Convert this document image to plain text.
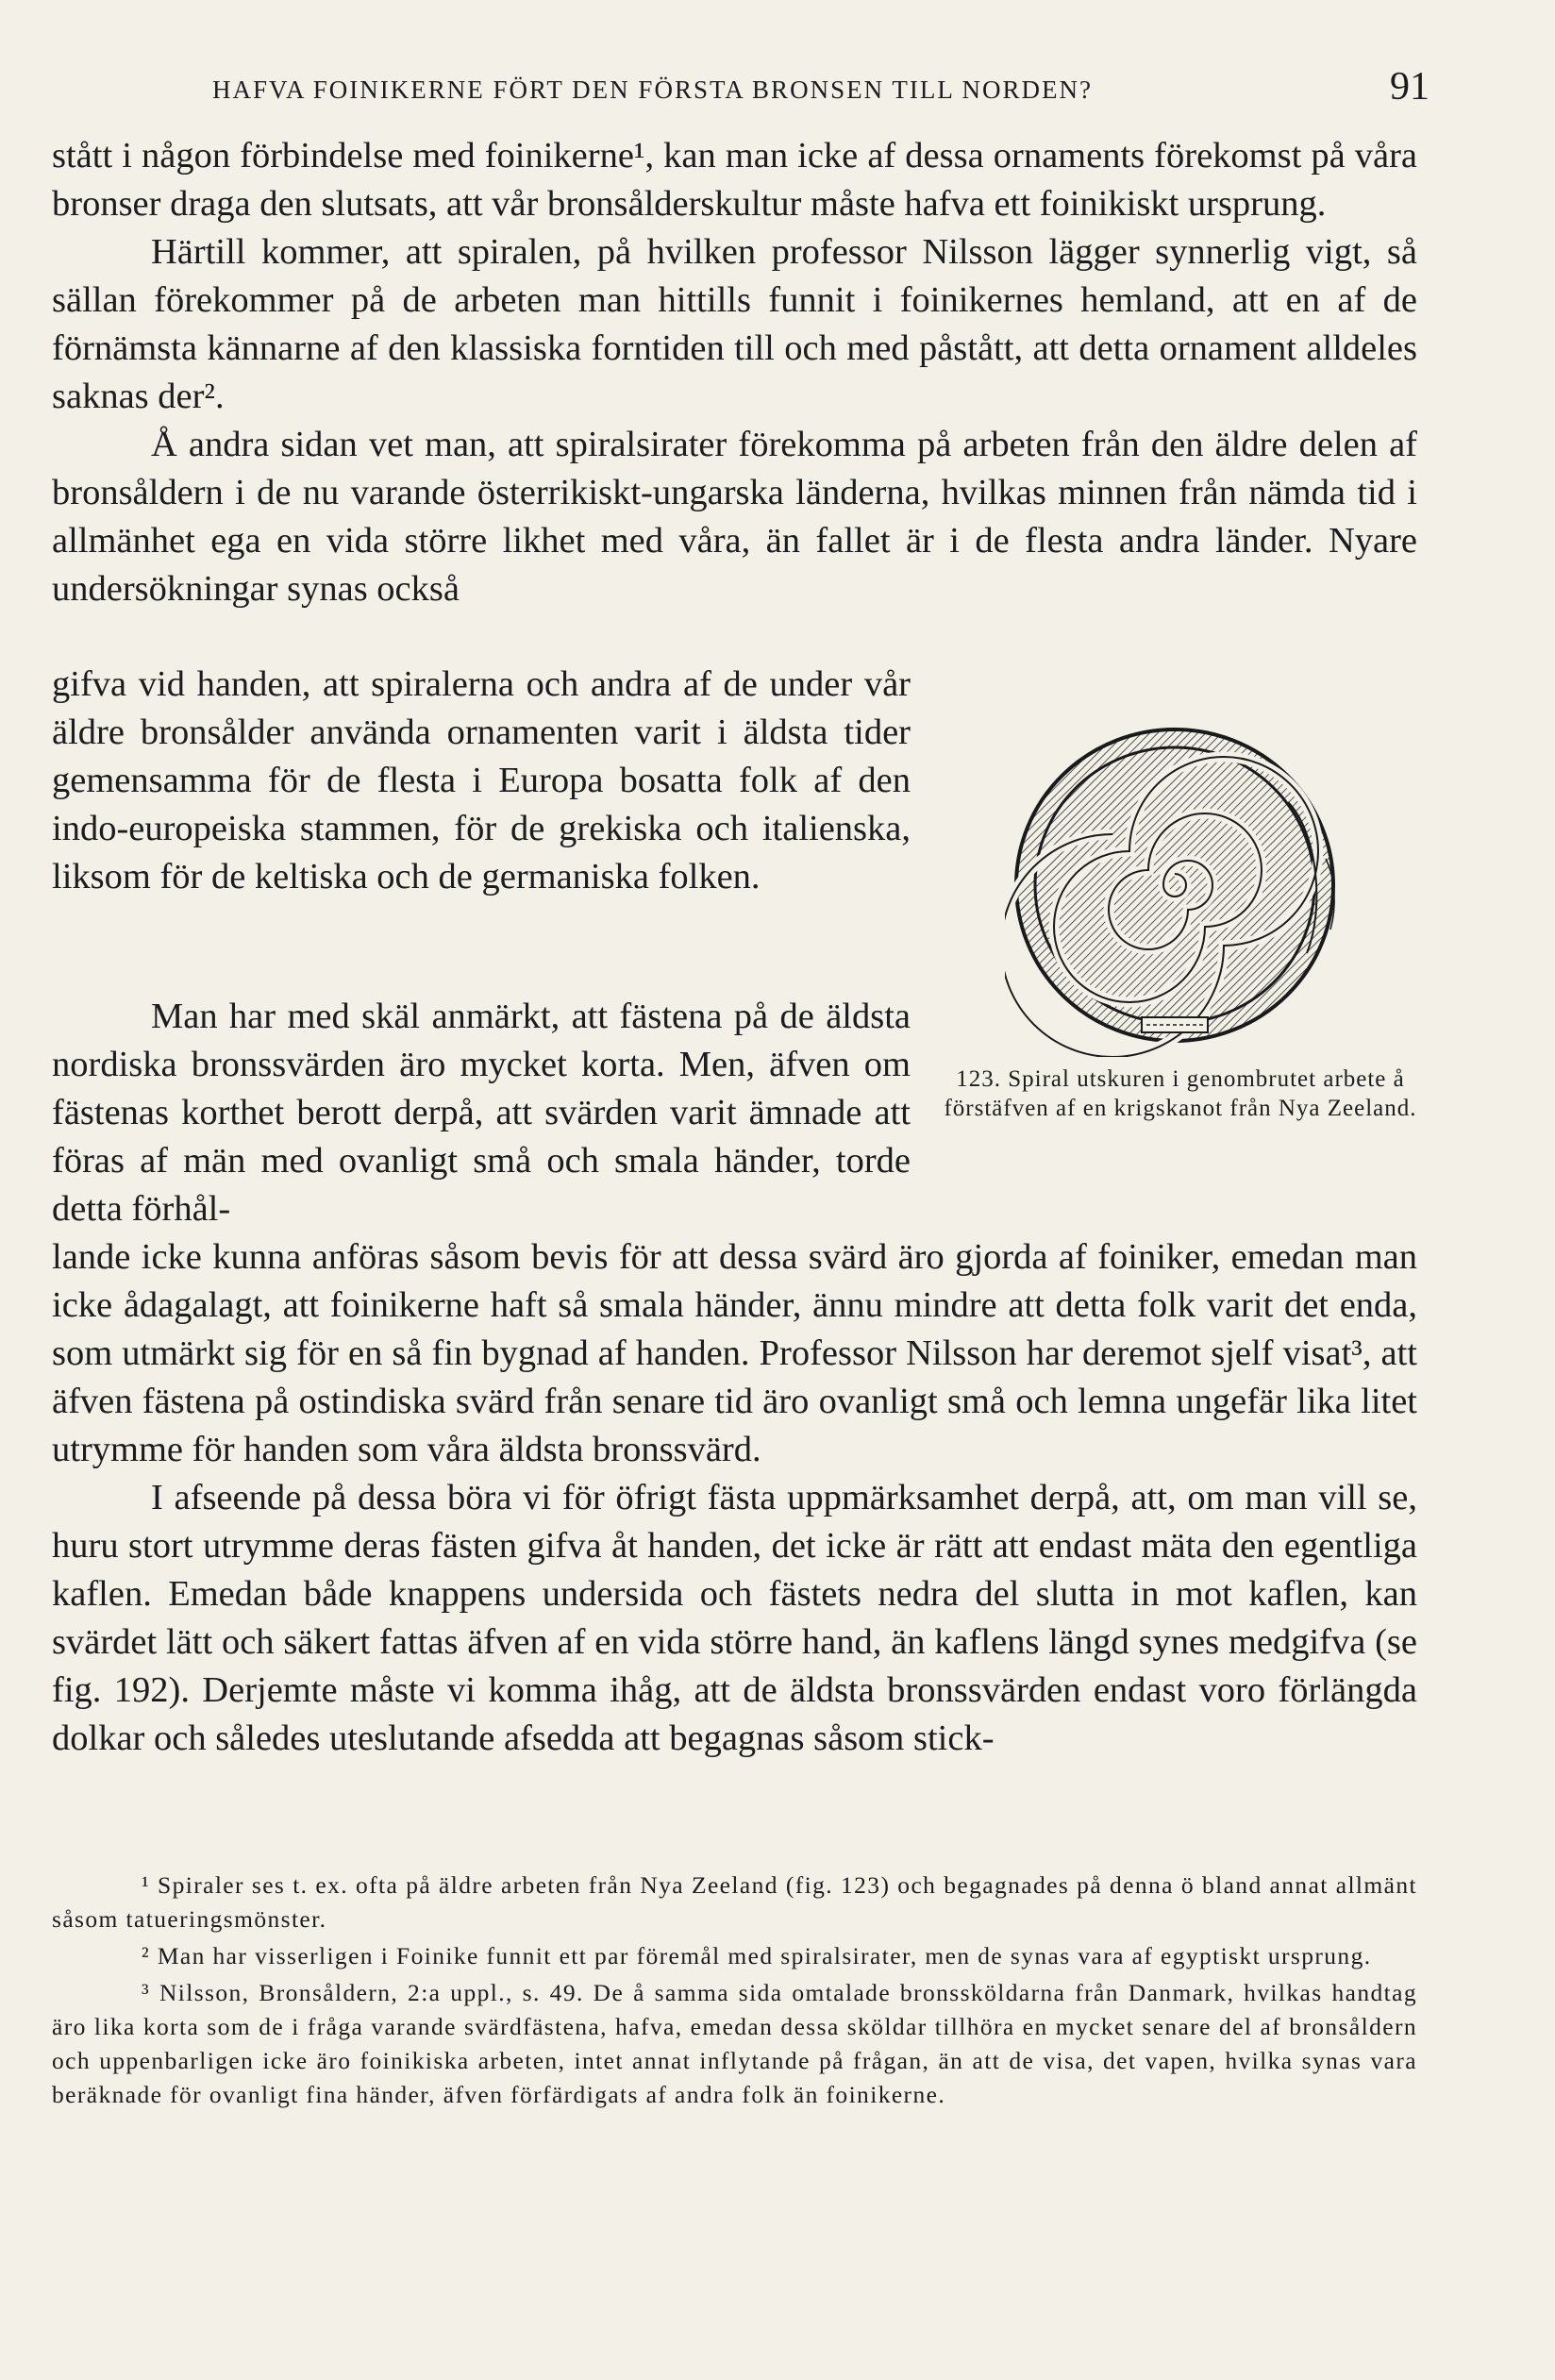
HAFVA FOINIKERNE FÖRT DEN FÖRSTA BRONSEN TILL NORDEN?	91

stått i någon förbindelse med foinikerne¹, kan man icke af dessa ornaments förekomst på våra bronser draga den slutsats, att vår bronsålderskultur måste hafva ett foinikiskt ursprung.

Härtill kommer, att spiralen, på hvilken professor Nilsson lägger synnerlig vigt, så sällan förekommer på de arbeten man hittills funnit i foinikernes hemland, att en af de förnämsta kännarne af den klassiska forntiden till och med påstått, att detta ornament alldeles saknas der².

Å andra sidan vet man, att spiralsirater förekomma på arbeten från den äldre delen af bronsåldern i de nu varande österrikiskt-ungarska länderna, hvilkas minnen från nämda tid i allmänhet ega en vida större likhet med våra, än fallet är i de flesta andra länder. Nyare undersökningar synas också

gifva vid handen, att spiralerna och andra af de under vår äldre bronsålder använda ornamenten varit i äldsta tider gemensamma för de flesta i Europa bosatta folk af den indo-europeiska stammen, för de grekiska och italienska, liksom för de keltiska och de germaniska folken.

Man har med skäl anmärkt, att fästena på de äldsta nordiska bronssvärden äro mycket korta. Men, äfven om fästenas korthet berott derpå, att svärden varit ämnade att föras af män med ovanligt små och smala händer, torde detta förhål-

123. Spiral utskuren i genombrutet arbete å förstäfven af en krigskanot från Nya Zeeland.

lande icke kunna anföras såsom bevis för att dessa svärd äro gjorda af foiniker, emedan man icke ådagalagt, att foinikerne haft så smala händer, ännu mindre att detta folk varit det enda, som utmärkt sig för en så fin bygnad af handen. Professor Nilsson har deremot sjelf visat³, att äfven fästena på ostindiska svärd från senare tid äro ovanligt små och lemna ungefär lika litet utrymme för handen som våra äldsta bronssvärd.

I afseende på dessa böra vi för öfrigt fästa uppmärksamhet derpå, att, om man vill se, huru stort utrymme deras fästen gifva åt handen, det icke är rätt att endast mäta den egentliga kaflen. Emedan både knappens undersida och fästets nedra del slutta in mot kaflen, kan svärdet lätt och säkert fattas äfven af en vida större hand, än kaflens längd synes medgifva (se fig. 192). Derjemte måste vi komma ihåg, att de äldsta bronssvärden endast voro förlängda dolkar och således uteslutande afsedda att begagnas såsom stick-

¹ Spiraler ses t. ex. ofta på äldre arbeten från Nya Zeeland (fig. 123) och begagnades på denna ö bland annat allmänt såsom tatueringsmönster.

² Man har visserligen i Foinike funnit ett par föremål med spiralsirater, men de synas vara af egyptiskt ursprung.

³ Nilsson, Bronsåldern, 2:a uppl., s. 49. De å samma sida omtalade bronssköldarna från Danmark, hvilkas handtag äro lika korta som de i fråga varande svärdfästena, hafva, emedan dessa sköldar tillhöra en mycket senare del af bronsåldern och uppenbarligen icke äro foinikiska arbeten, intet annat inflytande på frågan, än att de visa, det vapen, hvilka synas vara beräknade för ovanligt fina händer, äfven förfärdigats af andra folk än foinikerne.
